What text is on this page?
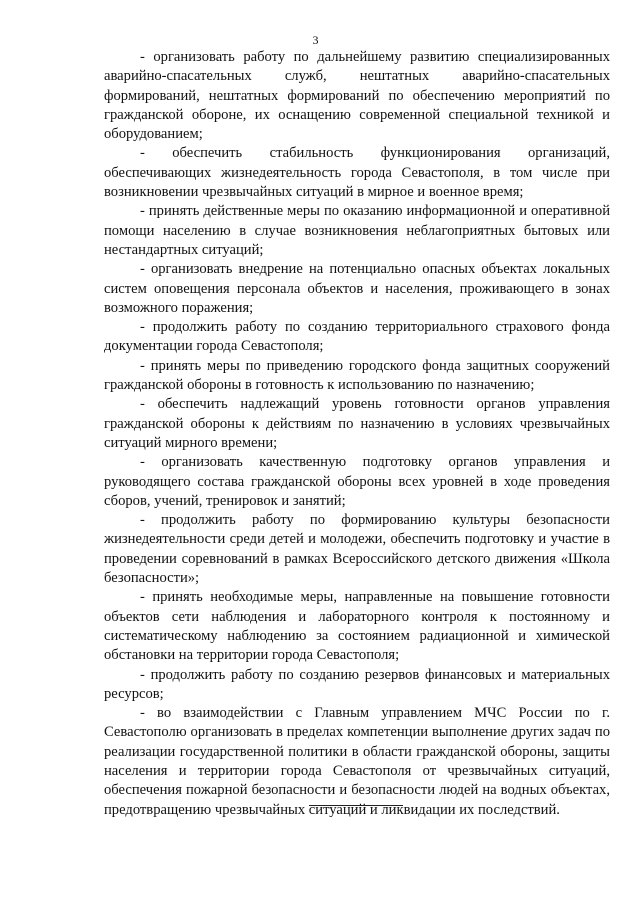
3

- организовать работу по дальнейшему развитию специализированных аварийно-спасательных служб, нештатных аварийно-спасательных формирований, нештатных формирований по обеспечению мероприятий по гражданской обороне, их оснащению современной специальной техникой и оборудованием;

- обеспечить стабильность функционирования организаций, обеспечивающих жизнедеятельность города Севастополя, в том числе при возникновении чрезвычайных ситуаций в мирное и военное время;

- принять действенные меры по оказанию информационной и оперативной помощи населению в случае возникновения неблагоприятных бытовых или нестандартных ситуаций;

- организовать внедрение на потенциально опасных объектах локальных систем оповещения персонала объектов и населения, проживающего в зонах возможного поражения;

- продолжить работу по созданию территориального страхового фонда документации города Севастополя;

- принять меры по приведению городского фонда защитных сооружений гражданской обороны в готовность к использованию по назначению;

- обеспечить надлежащий уровень готовности органов управления гражданской обороны к действиям по назначению в условиях чрезвычайных ситуаций мирного времени;

- организовать качественную подготовку органов управления и руководящего состава гражданской обороны всех уровней в ходе проведения сборов, учений, тренировок и занятий;

- продолжить работу по формированию культуры безопасности жизнедеятельности среди детей и молодежи, обеспечить подготовку и участие в проведении соревнований в рамках Всероссийского детского движения «Школа безопасности»;

- принять необходимые меры, направленные на повышение готовности объектов сети наблюдения и лабораторного контроля к постоянному и систематическому наблюдению за состоянием радиационной и химической обстановки на территории города Севастополя;

- продолжить работу по созданию резервов финансовых и материальных ресурсов;

- во взаимодействии с Главным управлением МЧС России по г. Севастополю организовать в пределах компетенции выполнение других задач по реализации государственной политики в области гражданской обороны, защиты населения и территории города Севастополя от чрезвычайных ситуаций, обеспечения пожарной безопасности и безопасности людей на водных объектах, предотвращению чрезвычайных ситуаций и ликвидации их последствий.
